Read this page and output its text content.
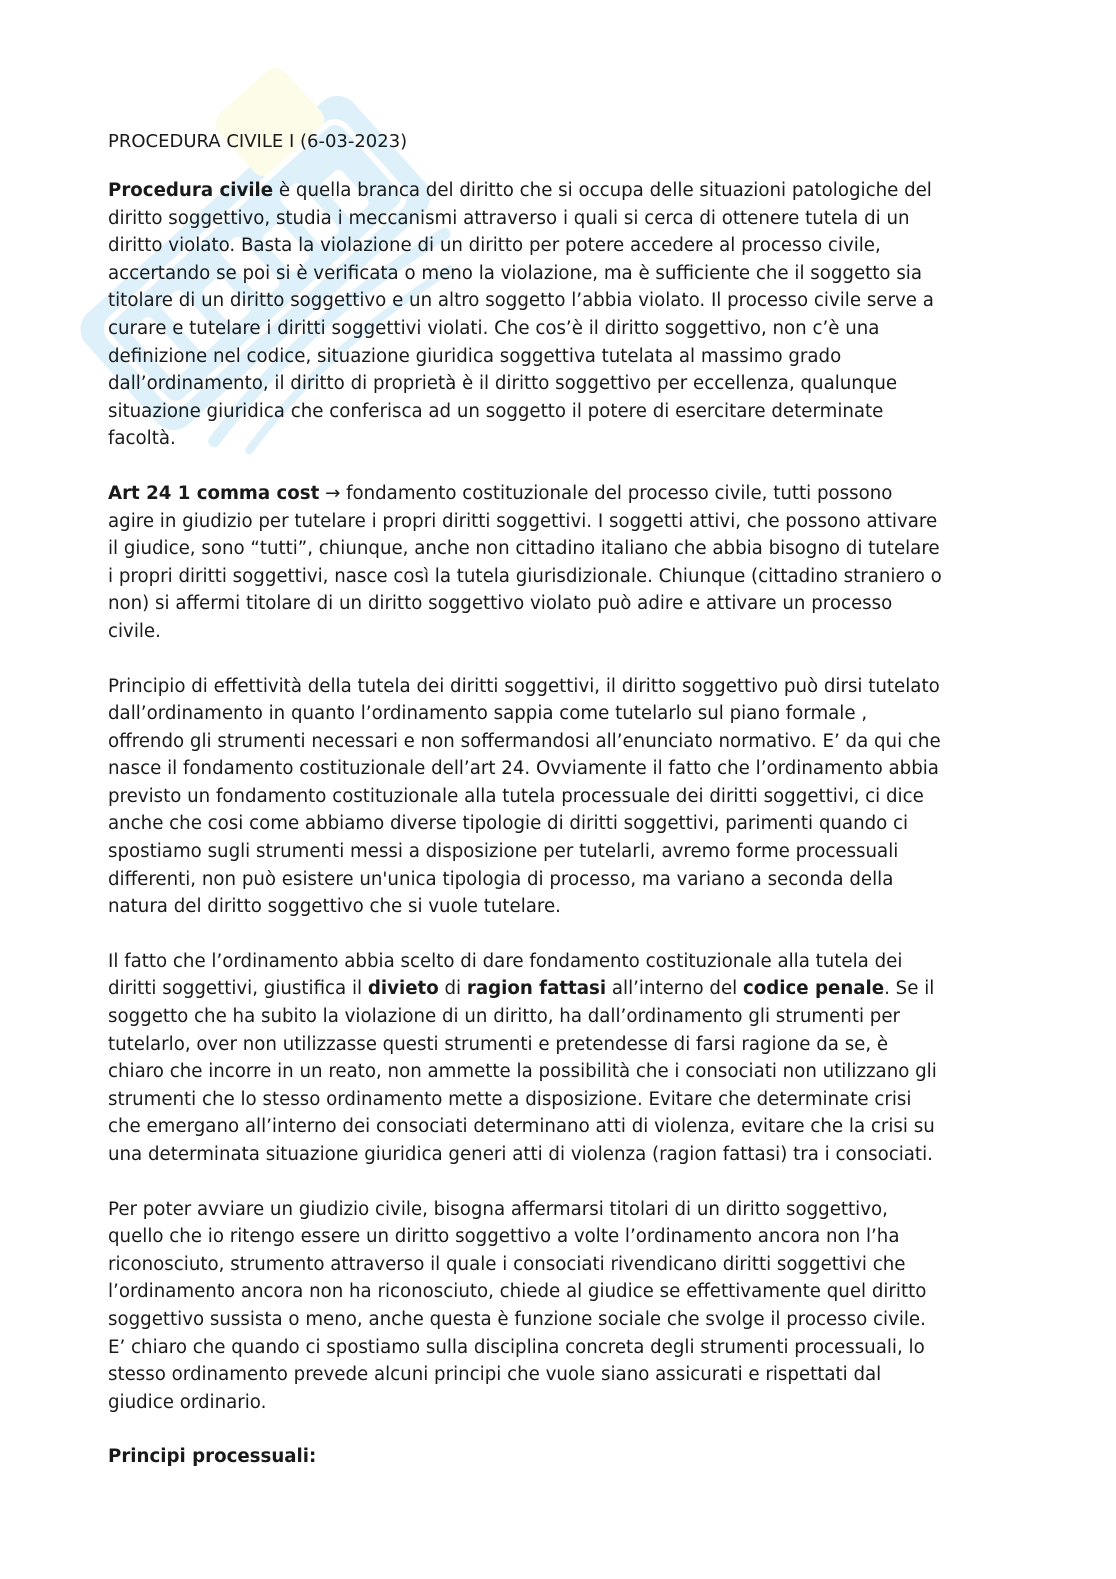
PROCEDURA CIVILE I (6-03-2023)
Procedura civile è quella branca del diritto che si occupa delle situazioni patologiche del
diritto soggettivo, studia i meccanismi attraverso i quali si cerca di ottenere tutela di un
diritto violato. Basta la violazione di un diritto per potere accedere al processo civile,
accertando se poi si è verificata o meno la violazione, ma è sufficiente che il soggetto sia
titolare di un diritto soggettivo e un altro soggetto l’abbia violato. Il processo civile serve a
curare e tutelare i diritti soggettivi violati. Che cos’è il diritto soggettivo, non c’è una
definizione nel codice, situazione giuridica soggettiva tutelata al massimo grado
dall’ordinamento, il diritto di proprietà è il diritto soggettivo per eccellenza, qualunque
situazione giuridica che conferisca ad un soggetto il potere di esercitare determinate
facoltà.
Art 24 1 comma cost → fondamento costituzionale del processo civile, tutti possono
agire in giudizio per tutelare i propri diritti soggettivi. I soggetti attivi, che possono attivare
il giudice, sono “tutti”, chiunque, anche non cittadino italiano che abbia bisogno di tutelare
i propri diritti soggettivi, nasce così la tutela giurisdizionale. Chiunque (cittadino straniero o
non) si affermi titolare di un diritto soggettivo violato può adire e attivare un processo
civile.
Principio di effettività della tutela dei diritti soggettivi, il diritto soggettivo può dirsi tutelato
dall’ordinamento in quanto l’ordinamento sappia come tutelarlo sul piano formale ,
offrendo gli strumenti necessari e non soffermandosi all’enunciato normativo. E’ da qui che
nasce il fondamento costituzionale dell’art 24. Ovviamente il fatto che l’ordinamento abbia
previsto un fondamento costituzionale alla tutela processuale dei diritti soggettivi, ci dice
anche che cosi come abbiamo diverse tipologie di diritti soggettivi, parimenti quando ci
spostiamo sugli strumenti messi a disposizione per tutelarli, avremo forme processuali
differenti, non può esistere un'unica tipologia di processo, ma variano a seconda della
natura del diritto soggettivo che si vuole tutelare.
Il fatto che l’ordinamento abbia scelto di dare fondamento costituzionale alla tutela dei
diritti soggettivi, giustifica il divieto di ragion fattasi all’interno del codice penale. Se il
soggetto che ha subito la violazione di un diritto, ha dall’ordinamento gli strumenti per
tutelarlo, over non utilizzasse questi strumenti e pretendesse di farsi ragione da se, è
chiaro che incorre in un reato, non ammette la possibilità che i consociati non utilizzano gli
strumenti che lo stesso ordinamento mette a disposizione. Evitare che determinate crisi
che emergano all’interno dei consociati determinano atti di violenza, evitare che la crisi su
una determinata situazione giuridica generi atti di violenza (ragion fattasi) tra i consociati.
Per poter avviare un giudizio civile, bisogna affermarsi titolari di un diritto soggettivo,
quello che io ritengo essere un diritto soggettivo a volte l’ordinamento ancora non l’ha
riconosciuto, strumento attraverso il quale i consociati rivendicano diritti soggettivi che
l’ordinamento ancora non ha riconosciuto, chiede al giudice se effettivamente quel diritto
soggettivo sussista o meno, anche questa è funzione sociale che svolge il processo civile.
E’ chiaro che quando ci spostiamo sulla disciplina concreta degli strumenti processuali, lo
stesso ordinamento prevede alcuni principi che vuole siano assicurati e rispettati dal
giudice ordinario.
Principi processuali:
